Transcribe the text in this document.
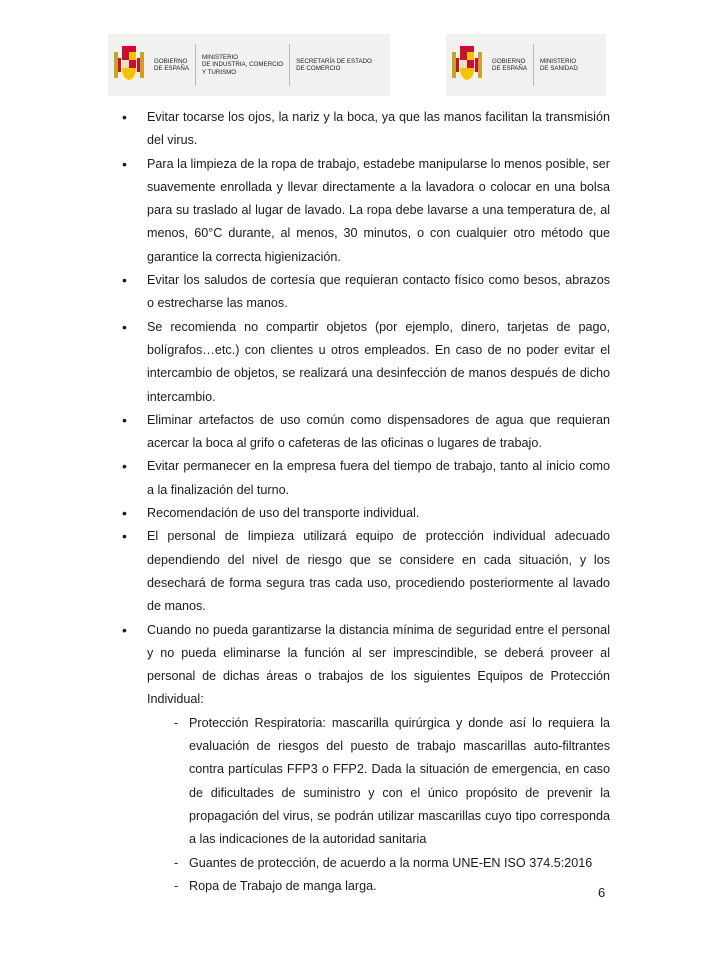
GOBIERNO
DE ESPAÑA
MINISTERIO
DE INDUSTRIA, COMERCIO
Y TURISMO
SECRETARÍA DE ESTADO
DE COMERCIO
GOBIERNO
DE ESPAÑA
MINISTERIO
DE SANIDAD
• Evitar tocarse los ojos, la nariz y la boca, ya que las manos facilitan la transmisión del virus.
• Para la limpieza de la ropa de trabajo, estadebe manipularse lo menos posible, ser suavemente enrollada y llevar directamente a la lavadora o colocar en una bolsa para su traslado al lugar de lavado. La ropa debe lavarse a una temperatura de, al menos, 60°C durante, al menos, 30 minutos, o con cualquier otro método que garantice la correcta higienización.
• Evitar los saludos de cortesía que requieran contacto físico como besos, abrazos o estrecharse las manos.
• Se recomienda no compartir objetos (por ejemplo, dinero, tarjetas de pago, bolígrafos…etc.) con clientes u otros empleados. En caso de no poder evitar el intercambio de objetos, se realizará una desinfección de manos después de dicho intercambio.
• Eliminar artefactos de uso común como dispensadores de agua que requieran acercar la boca al grifo o cafeteras de las oficinas o lugares de trabajo.
• Evitar permanecer en la empresa fuera del tiempo de trabajo, tanto al inicio como a la finalización del turno.
• Recomendación de uso del transporte individual.
• El personal de limpieza utilizará equipo de protección individual adecuado dependiendo del nivel de riesgo que se considere en cada situación, y los desechará de forma segura tras cada uso, procediendo posteriormente al lavado de manos.
• Cuando no pueda garantizarse la distancia mínima de seguridad entre el personal y no pueda eliminarse la función al ser imprescindible, se deberá proveer al personal de dichas áreas o trabajos de los siguientes Equipos de Protección Individual:
- Protección Respiratoria: mascarilla quirúrgica y donde así lo requiera la evaluación de riesgos del puesto de trabajo mascarillas auto-filtrantes contra partículas FFP3 o FFP2. Dada la situación de emergencia, en caso de dificultades de suministro y con el único propósito de prevenir la propagación del virus, se podrán utilizar mascarillas cuyo tipo corresponda a las indicaciones de la autoridad sanitaria
- Guantes de protección, de acuerdo a la norma UNE-EN ISO 374.5:2016
- Ropa de Trabajo de manga larga.	6
